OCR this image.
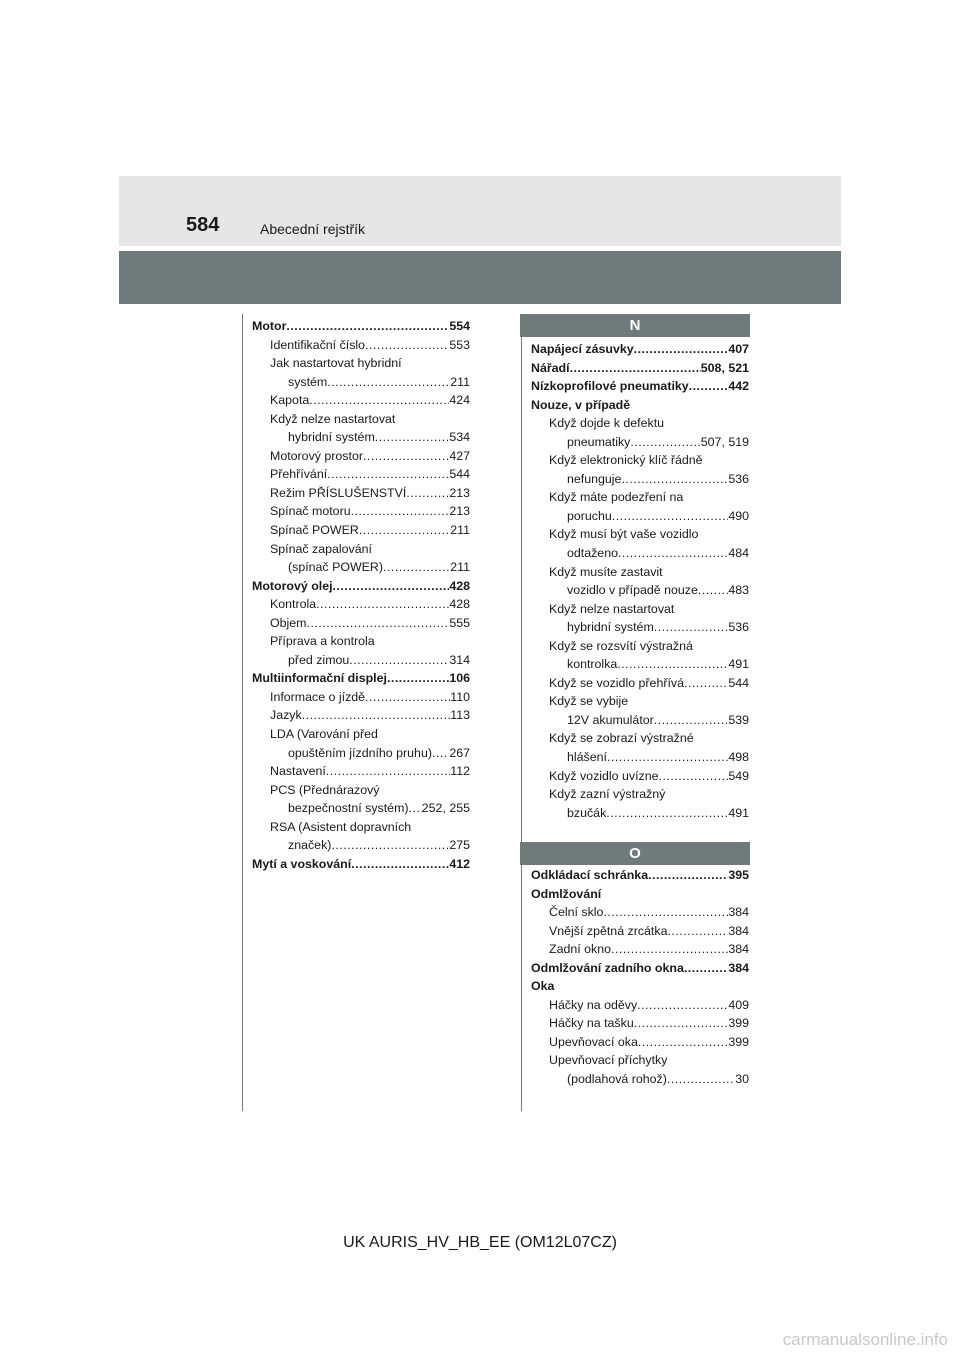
584	Abecední rejstřík
Motor .....	554
Identifikační číslo .....	553
Jak nastartovat hybridní
systém .....	211
Kapota .....	424
Když nelze nastartovat
hybridní systém .....	534
Motorový prostor .....	427
Přehřívání .....	544
Režim PŘÍSLUŠENSTVÍ .....	213
Spínač motoru .....	213
Spínač POWER .....	211
Spínač zapalování
(spínač POWER) .....	211
Motorový olej .....	428
Kontrola .....	428
Objem .....	555
Příprava a kontrola
před zimou .....	314
Multiinformační displej .....	106
Informace o jízdě .....	110
Jazyk .....	113
LDA (Varování před
opuštěním jízdního pruhu) ..... 267
Nastavení .....	112
PCS (Přednárazový
bezpečnostní systém) ..... 252, 255
RSA (Asistent dopravních
značek) .....	275
Mytí a voskování .....	412
N
Napájecí zásuvky .....	407
Nářadí .....	508, 521
Nízkoprofilové pneumatiky .....	442
Nouze, v případě
Když dojde k defektu
pneumatiky .....	507, 519
Když elektronický klíč řádně
nefunguje .....	536
Když máte podezření na
poruchu .....	490
Když musí být vaše vozidlo
odtaženo .....	484
Když musíte zastavit
vozidlo v případě nouze ..... 483
Když nelze nastartovat
hybridní systém .....	536
Když se rozsvítí výstražná
kontrolka .....	491
Když se vozidlo přehřívá .....	544
Když se vybije
12V akumulátor .....	539
Když se zobrazí výstražné
hlášení .....	498
Když vozidlo uvízne .....	549
Když zazní výstražný
bzučák .....	491
O
Odkládací schránka .....	395
Odmlžování
Čelní sklo .....	384
Vnější zpětná zrcátka .....	384
Zadní okno .....	384
Odmlžování zadního okna .....	384
Oka
Háčky na oděvy .....	409
Háčky na tašku .....	399
Upevňovací oka .....	399
Upevňovací příchytky
(podlahová rohož) .....	30
UK AURIS_HV_HB_EE (OM12L07CZ)
carmanualsonline.info
